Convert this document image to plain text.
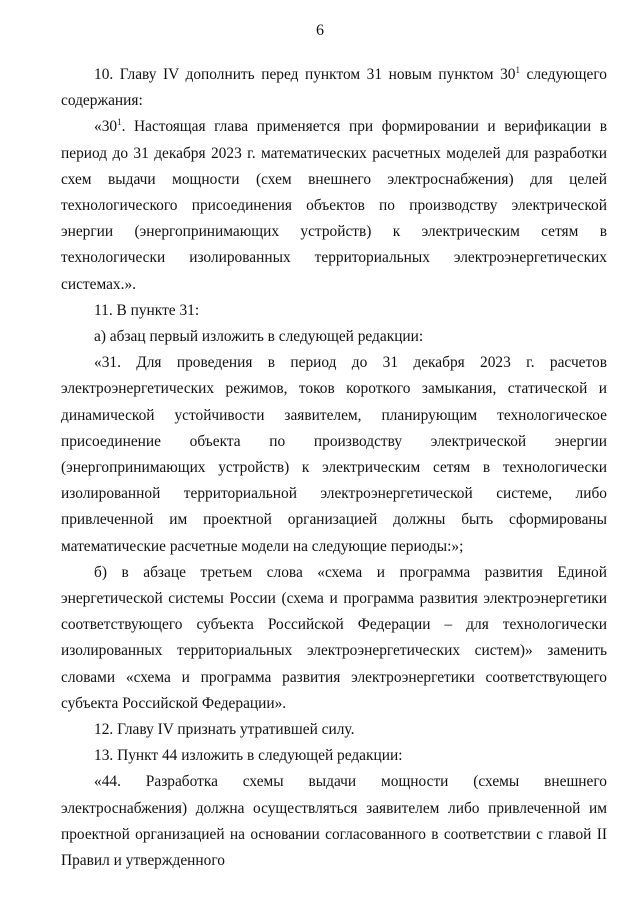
6

10. Главу IV дополнить перед пунктом 31 новым пунктом $30^1$ следующего содержания:

«$30^1$. Настоящая глава применяется при формировании и верификации в период до 31 декабря 2023 г. математических расчетных моделей для разработки схем выдачи мощности (схем внешнего электроснабжения) для целей технологического присоединения объектов по производству электрической энергии (энергопринимающих устройств) к электрическим сетям в технологически изолированных территориальных электроэнергетических системах.».

11. В пункте 31:

а) абзац первый изложить в следующей редакции:

«31. Для проведения в период до 31 декабря 2023 г. расчетов электроэнергетических режимов, токов короткого замыкания, статической и динамической устойчивости заявителем, планирующим технологическое присоединение объекта по производству электрической энергии (энергопринимающих устройств) к электрическим сетям в технологически изолированной территориальной электроэнергетической системе, либо привлеченной им проектной организацией должны быть сформированы математические расчетные модели на следующие периоды:»;

б) в абзаце третьем слова «схема и программа развития Единой энергетической системы России (схема и программа развития электроэнергетики соответствующего субъекта Российской Федерации – для технологически изолированных территориальных электроэнергетических систем)» заменить словами «схема и программа развития электроэнергетики соответствующего субъекта Российской Федерации».

12. Главу IV признать утратившей силу.

13. Пункт 44 изложить в следующей редакции:

«44. Разработка схемы выдачи мощности (схемы внешнего электроснабжения) должна осуществляться заявителем либо привлеченной им проектной организацией на основании согласованного в соответствии с главой II Правил и утвержденного
